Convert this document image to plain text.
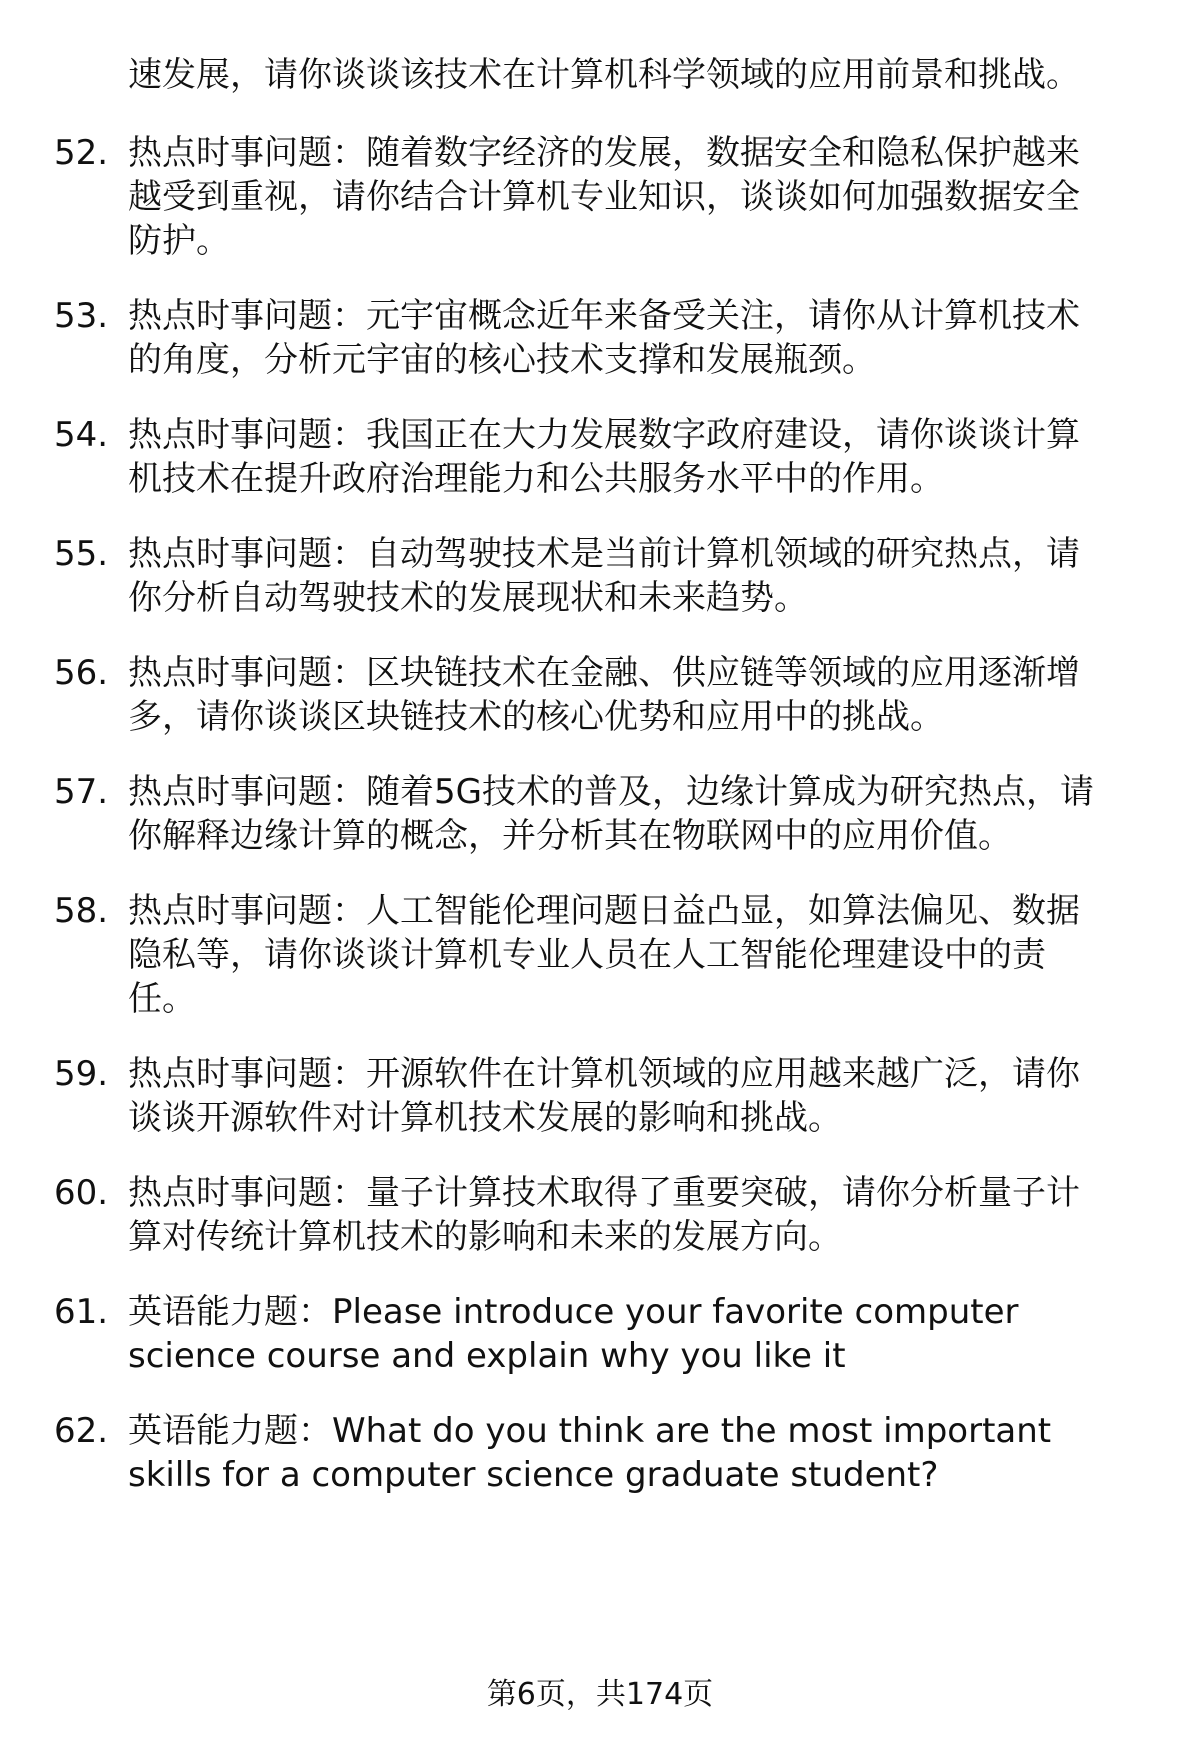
速发展，请你谈谈该技术在计算机科学领域的应用前景和挑战。
52. 热点时事问题：随着数字经济的发展，数据安全和隐私保护越来
越受到重视，请你结合计算机专业知识，谈谈如何加强数据安全
防护。
53. 热点时事问题：元宇宙概念近年来备受关注，请你从计算机技术
的角度，分析元宇宙的核心技术支撑和发展瓶颈。
54. 热点时事问题：我国正在大力发展数字政府建设，请你谈谈计算
机技术在提升政府治理能力和公共服务水平中的作用。
55. 热点时事问题：自动驾驶技术是当前计算机领域的研究热点，请
你分析自动驾驶技术的发展现状和未来趋势。
56. 热点时事问题：区块链技术在金融、供应链等领域的应用逐渐增
多，请你谈谈区块链技术的核心优势和应用中的挑战。
57. 热点时事问题：随着5G技术的普及，边缘计算成为研究热点，请
你解释边缘计算的概念，并分析其在物联网中的应用价值。
58. 热点时事问题：人工智能伦理问题日益凸显，如算法偏见、数据
隐私等，请你谈谈计算机专业人员在人工智能伦理建设中的责
任。
59. 热点时事问题：开源软件在计算机领域的应用越来越广泛，请你
谈谈开源软件对计算机技术发展的影响和挑战。
60. 热点时事问题：量子计算技术取得了重要突破，请你分析量子计
算对传统计算机技术的影响和未来的发展方向。
61. 英语能力题：Please introduce your favorite computer
science course and explain why you like it
62. 英语能力题：What do you think are the most important
skills for a computer science graduate student?
第6页，共174页
